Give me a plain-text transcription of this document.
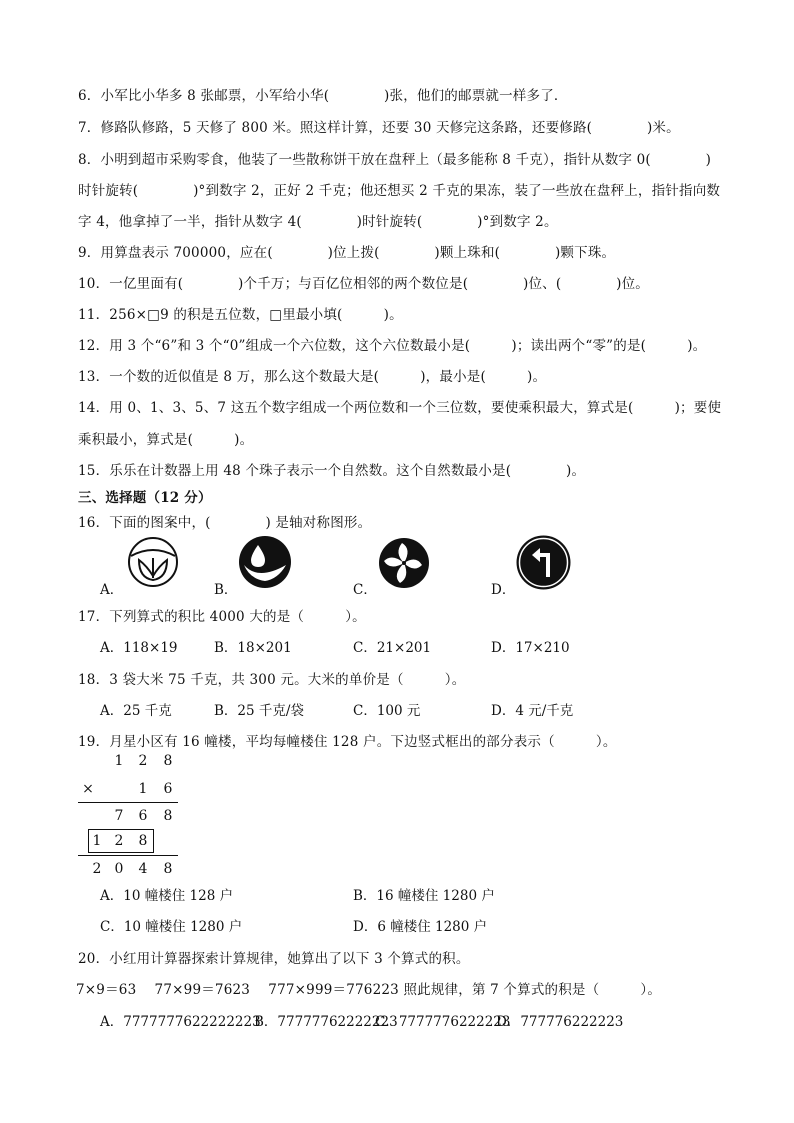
6．小军比小华多 8 张邮票，小军给小华(　　　　)张，他们的邮票就一样多了．
7．修路队修路，5 天修了 800 米。照这样计算，还要 30 天修完这条路，还要修路(　　　　)米。
8．小明到超市采购零食，他装了一些散称饼干放在盘秤上（最多能称 8 千克），指针从数字 0(　　　　)
时针旋转(　　　　)°到数字 2，正好 2 千克；他还想买 2 千克的果冻，装了一些放在盘秤上，指针指向数
字 4，他拿掉了一半，指针从数字 4(　　　　)时针旋转(　　　　)°到数字 2。
9．用算盘表示 700000，应在(　　　　)位上拨(　　　　)颗上珠和(　　　　)颗下珠。
10．一亿里面有(　　　　)个千万；与百亿位相邻的两个数位是(　　　　)位、(　　　　)位。
11．256×□9 的积是五位数，□里最小填(　　　)。
12．用 3 个“6”和 3 个“0”组成一个六位数，这个六位数最小是(　　　)；读出两个“零”的是(　　　)。
13．一个数的近似值是 8 万，那么这个数最大是(　　　)，最小是(　　　)。
14．用 0、1、3、5、7 这五个数字组成一个两位数和一个三位数，要使乘积最大，算式是(　　　)；要使
乘积最小，算式是(　　　)。
15．乐乐在计数器上用 48 个珠子表示一个自然数。这个自然数最小是(　　　　)。
三、选择题（12 分）
16．下面的图案中，(　　　　) 是轴对称图形。
A．	B．	C．	D．
17．下列算式的积比 4000 大的是（　　　）。
A．118×19	B．18×201	C．21×201	D．17×210
18．3 袋大米 75 千克，共 300 元。大米的单价是（　　　）。
A．25 千克	B．25 千克/袋	C．100 元	D．4 元/千克
19．月星小区有 16 幢楼，平均每幢楼住 128 户。下边竖式框出的部分表示（　　　）。
1 2 8
×	1 6
7 6 8
1 2 8
2 0 4 8
A．10 幢楼住 128 户	B．16 幢楼住 1280 户
C．10 幢楼住 1280 户	D．6 幢楼住 1280 户
20．小红用计算器探索计算规律，她算出了以下 3 个算式的积。
7×9＝63　 77×99＝7623　 777×999＝776223 照此规律，第 7 个算式的积是（　　　）。
A．7777777622222223
B．77777762222223
C．7777776222223
D．777776222223
